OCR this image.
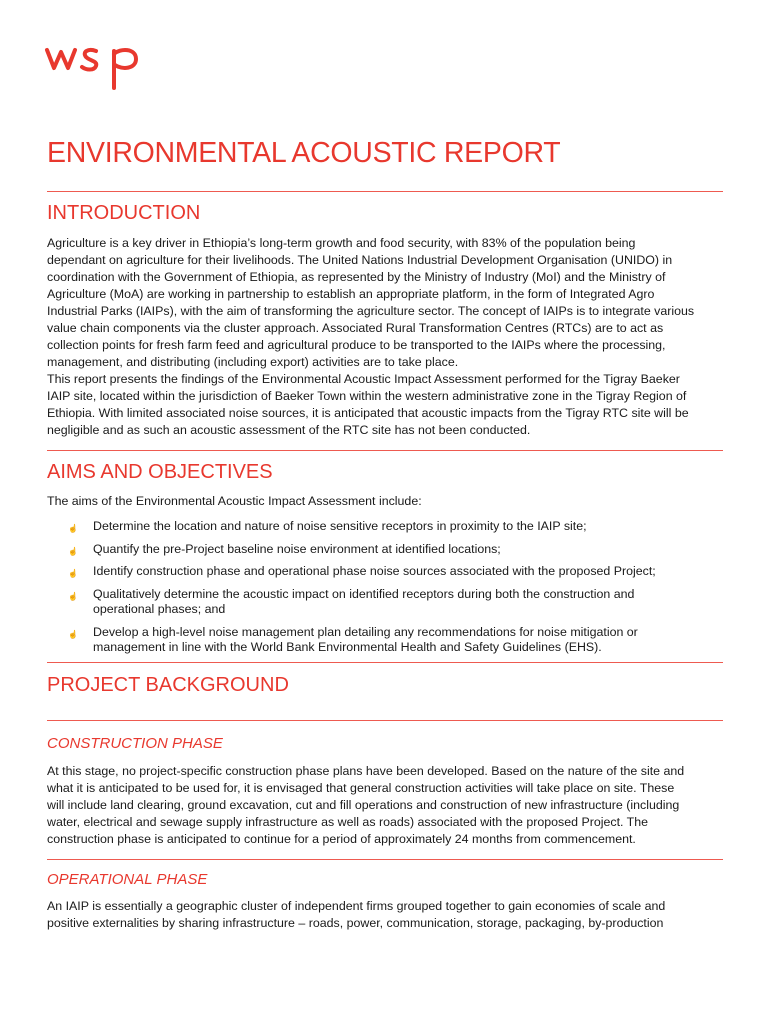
ENVIRONMENTAL ACOUSTIC REPORT
INTRODUCTION

Agriculture is a key driver in Ethiopia’s long-term growth and food security, with 83% of the population being
dependant on agriculture for their livelihoods. The United Nations Industrial Development Organisation (UNIDO) in
coordination with the Government of Ethiopia, as represented by the Ministry of Industry (MoI) and the Ministry of
Agriculture (MoA) are working in partnership to establish an appropriate platform, in the form of Integrated Agro
Industrial Parks (IAIPs), with the aim of transforming the agriculture sector. The concept of IAIPs is to integrate various
value chain components via the cluster approach. Associated Rural Transformation Centres (RTCs) are to act as
collection points for fresh farm feed and agricultural produce to be transported to the IAIPs where the processing,
management, and distributing (including export) activities are to take place.

This report presents the findings of the Environmental Acoustic Impact Assessment performed for the Tigray Baeker
IAIP site, located within the jurisdiction of Baeker Town within the western administrative zone in the Tigray Region of
Ethiopia. With limited associated noise sources, it is anticipated that acoustic impacts from the Tigray RTC site will be
negligible and as such an acoustic assessment of the RTC site has not been conducted.

AIMS AND OBJECTIVES

The aims of the Environmental Acoustic Impact Assessment include:

☝ Determine the location and nature of noise sensitive receptors in proximity to the IAIP site;
☝ Quantify the pre-Project baseline noise environment at identified locations;
☝ Identify construction phase and operational phase noise sources associated with the proposed Project;
☝ Qualitatively determine the acoustic impact on identified receptors during both the construction and
operational phases; and
☝ Develop a high-level noise management plan detailing any recommendations for noise mitigation or
management in line with the World Bank Environmental Health and Safety Guidelines (EHS).
PROJECT BACKGROUND
CONSTRUCTION PHASE

At this stage, no project-specific construction phase plans have been developed. Based on the nature of the site and
what it is anticipated to be used for, it is envisaged that general construction activities will take place on site. These
will include land clearing, ground excavation, cut and fill operations and construction of new infrastructure (including
water, electrical and sewage supply infrastructure as well as roads) associated with the proposed Project. The
construction phase is anticipated to continue for a period of approximately 24 months from commencement.

OPERATIONAL PHASE

An IAIP is essentially a geographic cluster of independent firms grouped together to gain economies of scale and
positive externalities by sharing infrastructure – roads, power, communication, storage, packaging, by-production
